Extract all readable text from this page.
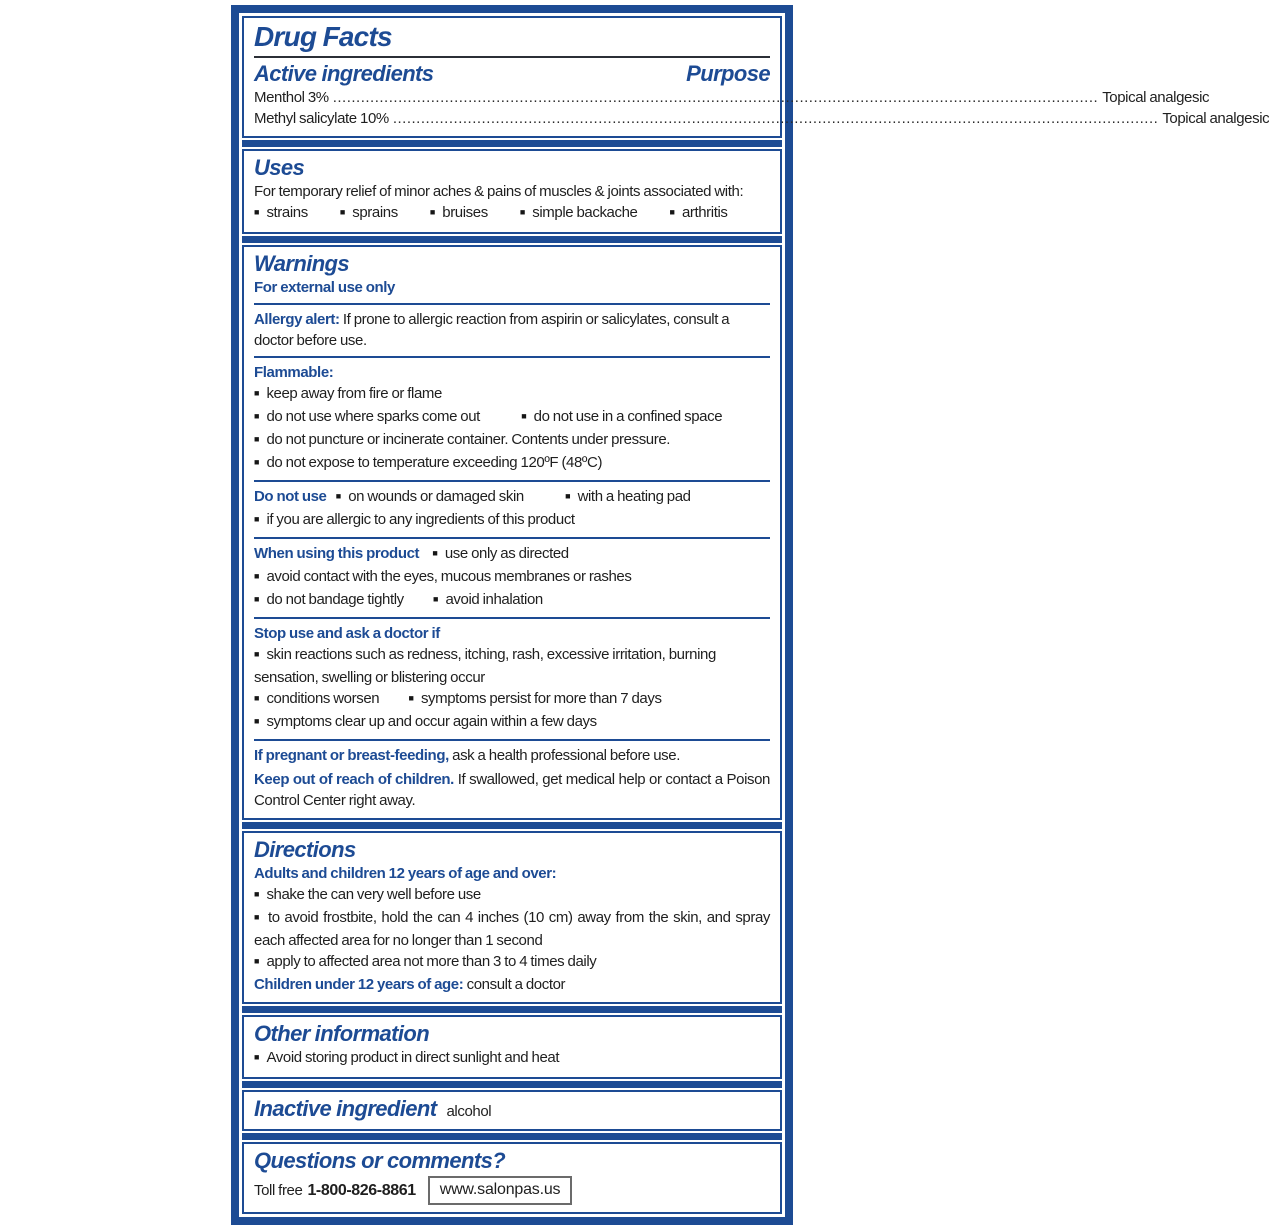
Drug Facts
Active ingredients	Purpose
Menthol 3% .....	Topical analgesic
Methyl salicylate 10% .....	Topical analgesic
Uses
For temporary relief of minor aches & pains of muscles & joints associated with:
■ strains	■ sprains	■ bruises	■ simple backache	■ arthritis
Warnings
For external use only
Allergy alert: If prone to allergic reaction from aspirin or salicylates, consult a doctor before use.
Flammable:
■ keep away from fire or flame
■ do not use where sparks come out	■ do not use in a confined space
■ do not puncture or incinerate container. Contents under pressure.
■ do not expose to temperature exceeding 120ºF (48ºC)
Do not use ■ on wounds or damaged skin	■ with a heating pad
■ if you are allergic to any ingredients of this product
When using this product ■ use only as directed
■ avoid contact with the eyes, mucous membranes or rashes
■ do not bandage tightly	■ avoid inhalation
Stop use and ask a doctor if
■ skin reactions such as redness, itching, rash, excessive irritation, burning sensation, swelling or blistering occur
■ conditions worsen	■ symptoms persist for more than 7 days
■ symptoms clear up and occur again within a few days
If pregnant or breast-feeding, ask a health professional before use.
Keep out of reach of children. If swallowed, get medical help or contact a Poison Control Center right away.
Directions
Adults and children 12 years of age and over:
■ shake the can very well before use
■ to avoid frostbite, hold the can 4 inches (10 cm) away from the skin, and spray each affected area for no longer than 1 second
■ apply to affected area not more than 3 to 4 times daily
Children under 12 years of age: consult a doctor
Other information
■ Avoid storing product in direct sunlight and heat
Inactive ingredient alcohol
Questions or comments?
Toll free 1-800-826-8861	www.salonpas.us
